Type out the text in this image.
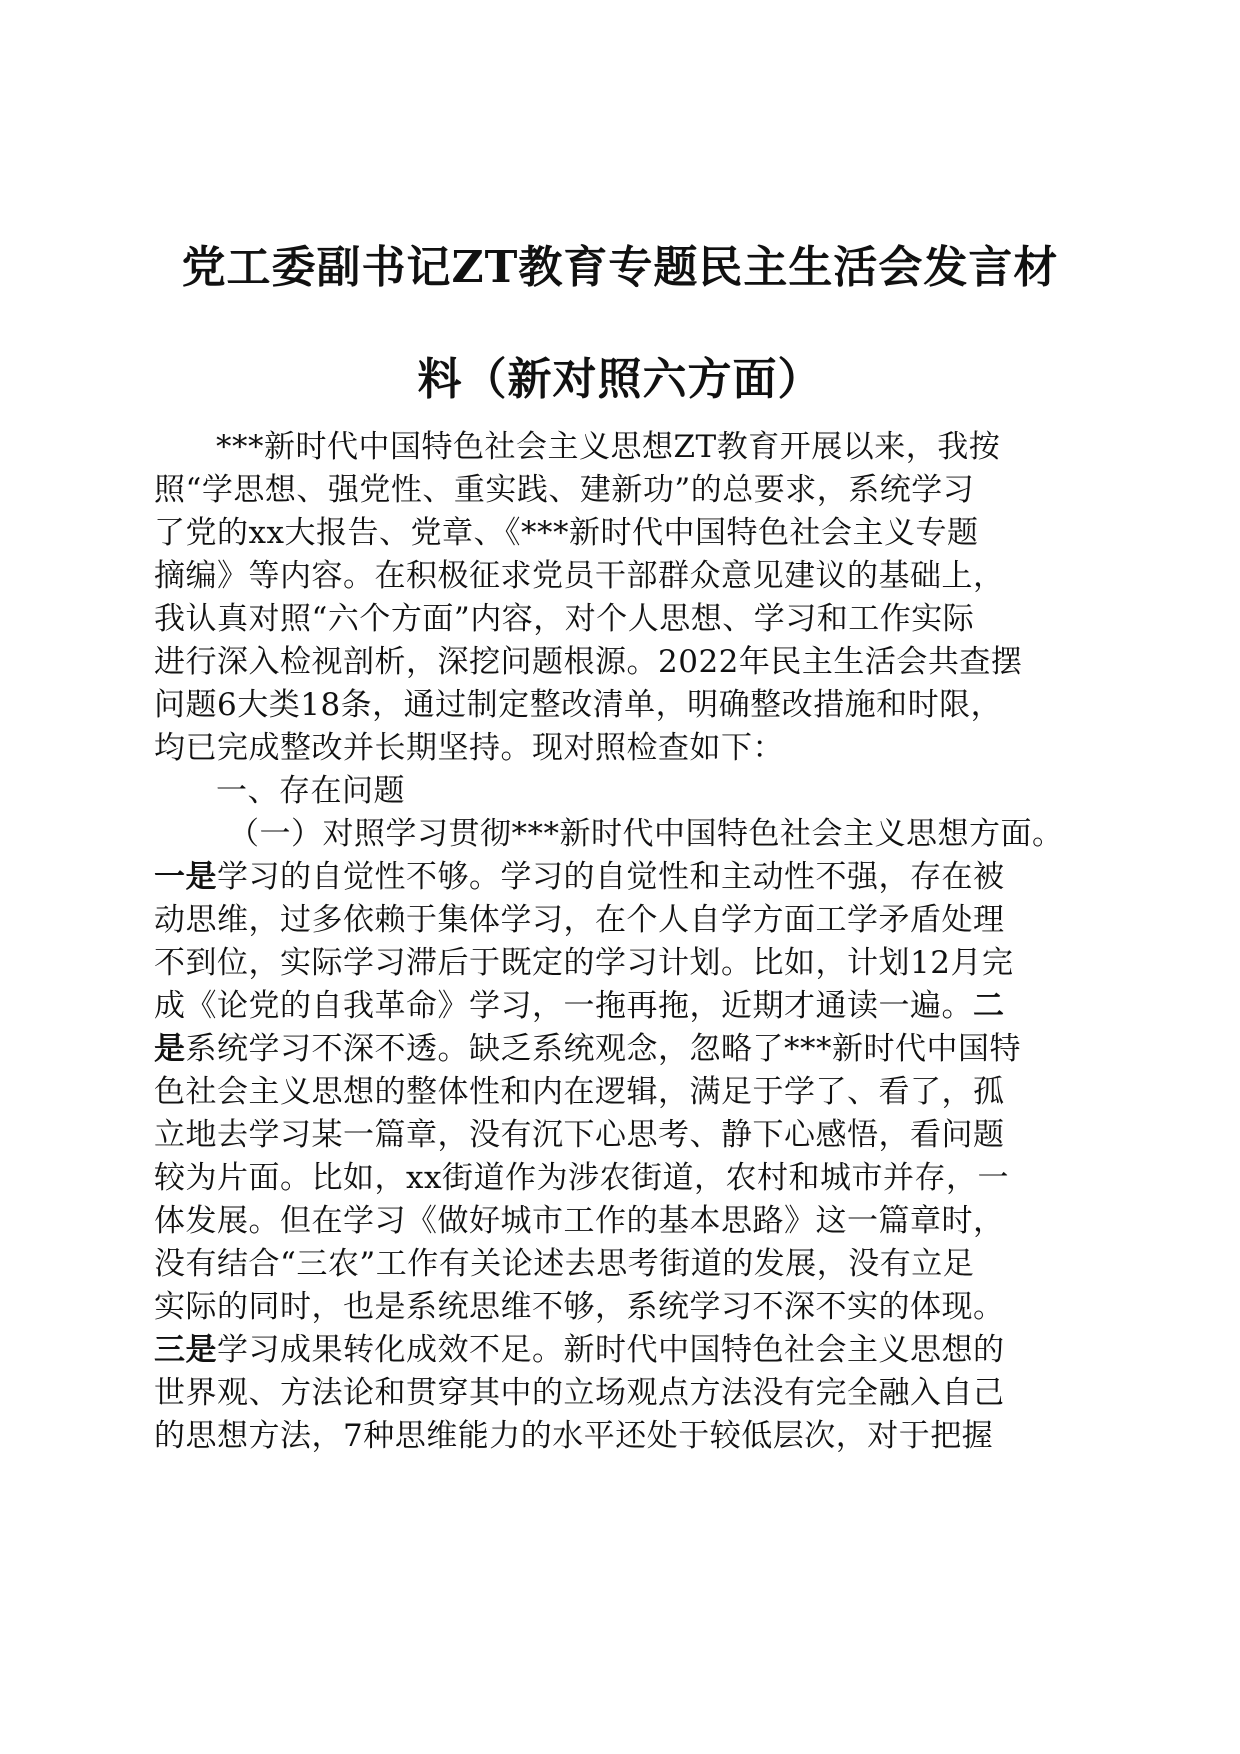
党工委副书记ZT教育专题民主生活会发言材
料（新对照六方面）
***新时代中国特色社会主义思想ZT教育开展以来，我按
照“学思想、强党性、重实践、建新功”的总要求，系统学习
了党的xx大报告、党章、《***新时代中国特色社会主义专题
摘编》等内容。在积极征求党员干部群众意见建议的基础上，
我认真对照“六个方面”内容，对个人思想、学习和工作实际
进行深入检视剖析，深挖问题根源。2022年民主生活会共查摆
问题6大类18条，通过制定整改清单，明确整改措施和时限，
均已完成整改并长期坚持。现对照检查如下：
一、存在问题
（一）对照学习贯彻***新时代中国特色社会主义思想方面。
一是学习的自觉性不够。学习的自觉性和主动性不强，存在被
动思维，过多依赖于集体学习，在个人自学方面工学矛盾处理
不到位，实际学习滞后于既定的学习计划。比如，计划12月完
成《论党的自我革命》学习，一拖再拖，近期才通读一遍。二
是系统学习不深不透。缺乏系统观念，忽略了***新时代中国特
色社会主义思想的整体性和内在逻辑，满足于学了、看了，孤
立地去学习某一篇章，没有沉下心思考、静下心感悟，看问题
较为片面。比如，xx街道作为涉农街道，农村和城市并存，一
体发展。但在学习《做好城市工作的基本思路》这一篇章时，
没有结合“三农”工作有关论述去思考街道的发展，没有立足
实际的同时，也是系统思维不够，系统学习不深不实的体现。
三是学习成果转化成效不足。新时代中国特色社会主义思想的
世界观、方法论和贯穿其中的立场观点方法没有完全融入自己
的思想方法，7种思维能力的水平还处于较低层次，对于把握
